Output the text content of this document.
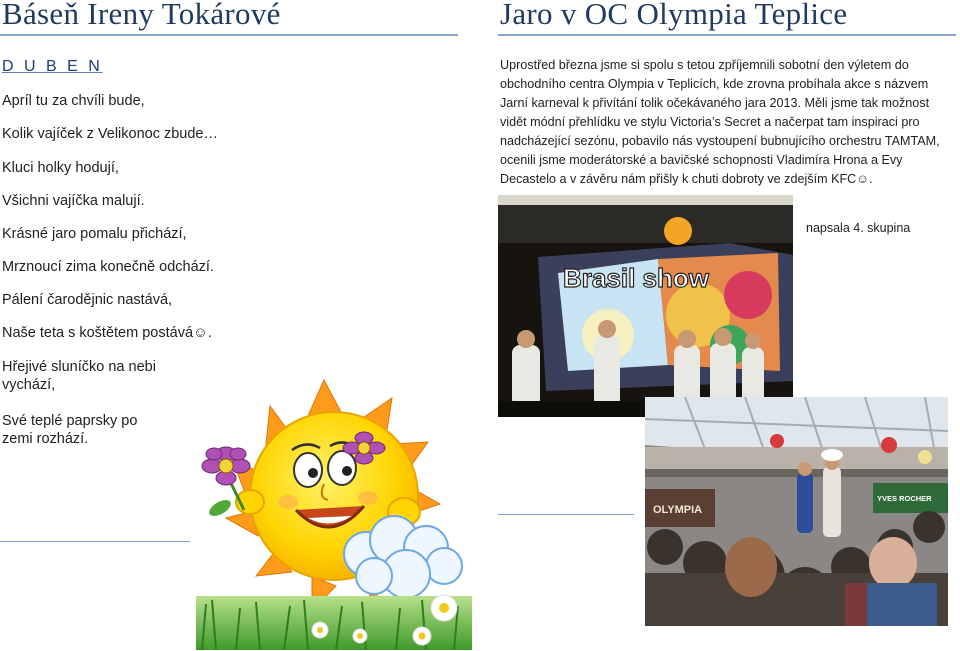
Báseň Ireny Tokárové
D U B E N
Apríl tu za chvíli bude,
Kolik vajíček z Velikonoc zbude…
Kluci holky hodují,
Všichni vajíčka malují.
Krásné jaro pomalu přichází,
Mrznoucí zima konečně odchází.
Pálení čarodějnic nastává,
Naše teta s koštětem postává☺.
Hřejivé sluníčko na nebi vychází,
Své teplé paprsky po zemi rozhází.
Jaro v OC Olympia Teplice
Uprostřed března jsme si spolu s tetou zpříjemnili sobotní den výletem do obchodního centra Olympia v Teplicích, kde zrovna probíhala akce s názvem Jarní karneval k přivítání tolik očekávaného jara 2013. Měli jsme tak možnost vidět módní přehlídku ve stylu Victoria’s Secret a načerpat tam inspiraci pro nadcházející sezónu, pobavilo nás vystoupení bubnujícího orchestru TAMTAM, ocenili jsme moderátorské a bavičské schopnosti Vladimíra Hrona a Evy Decastelo a v závěru nám přišly k chuti dobroty ve zdejším KFC☺.
napsala 4. skupina
Brasil show
OLYMPIA
YVES ROCHER
